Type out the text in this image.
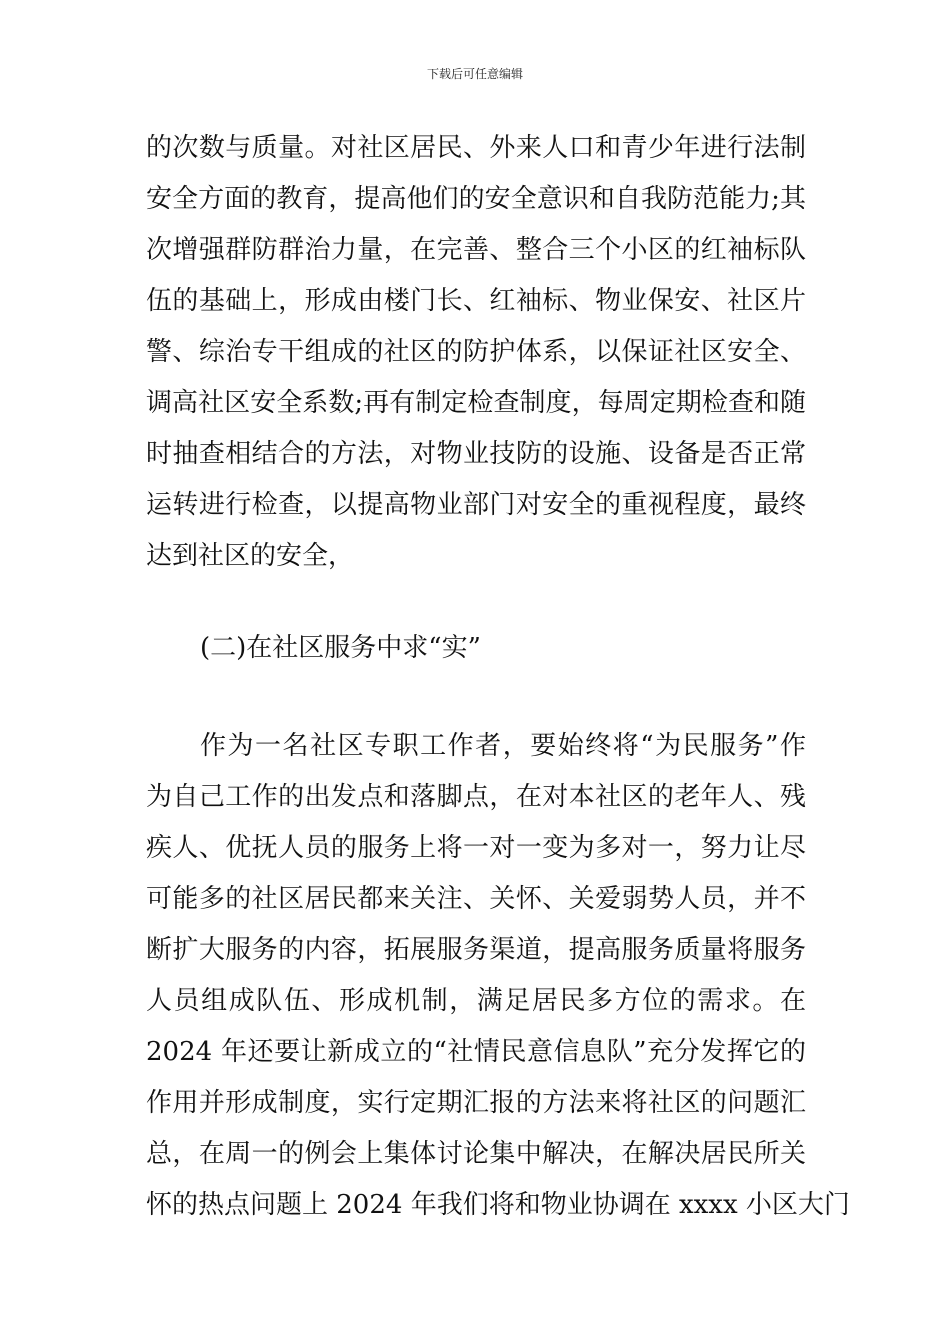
下载后可任意编辑
的次数与质量。对社区居民、外来人口和青少年进行法制
安全方面的教育，提高他们的安全意识和自我防范能力;其
次增强群防群治力量，在完善、整合三个小区的红袖标队
伍的基础上，形成由楼门长、红袖标、物业保安、社区片
警、综治专干组成的社区的防护体系，以保证社区安全、
调高社区安全系数;再有制定检查制度，每周定期检查和随
时抽查相结合的方法，对物业技防的设施、设备是否正常
运转进行检查，以提高物业部门对安全的重视程度，最终
达到社区的安全，
(二)在社区服务中求“实”
作为一名社区专职工作者，要始终将“为民服务”作
为自己工作的出发点和落脚点，在对本社区的老年人、残
疾人、优抚人员的服务上将一对一变为多对一，努力让尽
可能多的社区居民都来关注、关怀、关爱弱势人员，并不
断扩大服务的内容，拓展服务渠道，提高服务质量将服务
人员组成队伍、形成机制，满足居民多方位的需求。在
2024 年还要让新成立的“社情民意信息队”充分发挥它的
作用并形成制度，实行定期汇报的方法来将社区的问题汇
总，在周一的例会上集体讨论集中解决，在解决居民所关
怀的热点问题上 2024 年我们将和物业协调在 xxxx 小区大门
